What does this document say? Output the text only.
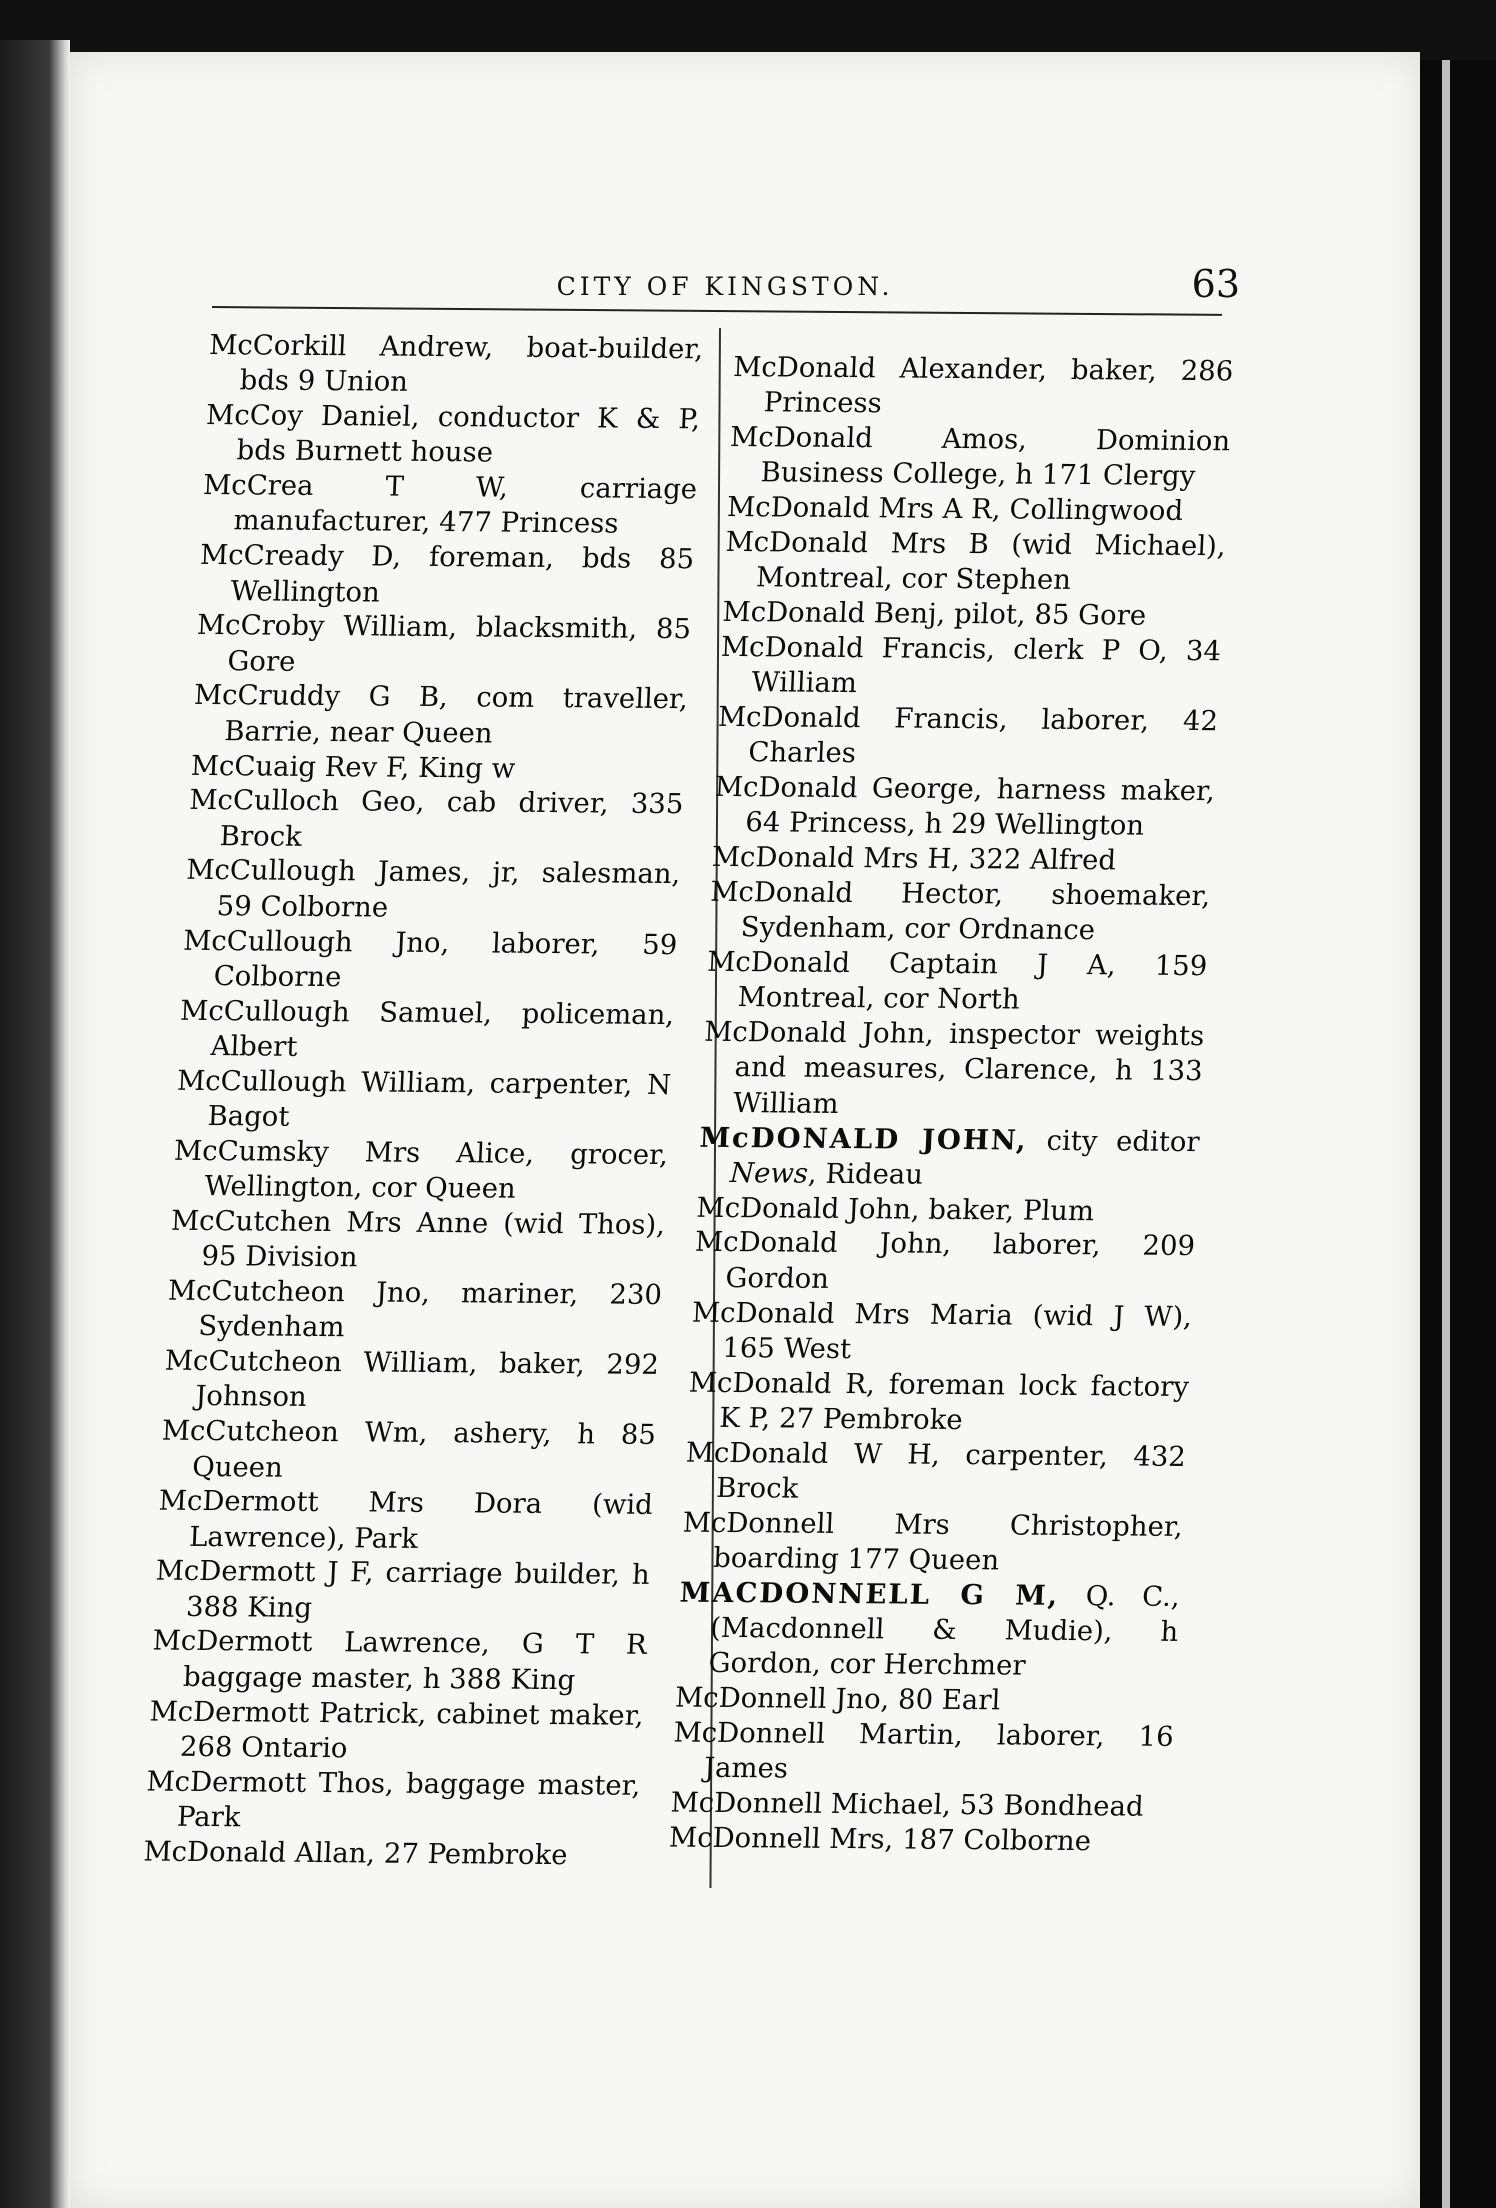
CITY OF KINGSTON.	63

McCorkill Andrew, boat-builder, bds 9 Union

McCoy Daniel, conductor K & P, bds Burnett house

McCrea T W,	carriage manufacturer, 477 Princess

McCready D, foreman, bds 85 Wellington

McCroby William, blacksmith, 85 Gore

McCruddy G B, com traveller, Barrie, near Queen

McCuaig Rev F, King w

McCulloch Geo, cab driver, 335 Brock

McCullough James, jr, salesman, 59 Colborne

McCullough Jno, laborer, 59 Colborne

McCullough Samuel, policeman, Albert

McCullough William, carpenter, N Bagot

McCumsky Mrs Alice, grocer, Wellington, cor Queen

McCutchen Mrs Anne (wid Thos), 95 Division

McCutcheon Jno, mariner, 230 Sydenham

McCutcheon William, baker, 292 Johnson

McCutcheon Wm, ashery, h 85 Queen

McDermott Mrs Dora (wid Lawrence), Park

McDermott J F, carriage builder, h 388 King

McDermott Lawrence, G T R baggage master, h 388 King

McDermott Patrick, cabinet maker, 268 Ontario

McDermott Thos, baggage master, Park

McDonald Allan, 27 Pembroke

McDonald Alexander, baker, 286 Princess

McDonald Amos, Dominion Business College, h 171 Clergy

McDonald Mrs A R, Collingwood

McDonald Mrs B (wid Michael), Montreal, cor Stephen

McDonald Benj, pilot, 85 Gore

McDonald Francis, clerk P O, 34 William

McDonald Francis, laborer, 42 Charles

McDonald George, harness maker, 64 Princess, h 29 Wellington

McDonald Mrs H, 322 Alfred

McDonald Hector, shoemaker, Sydenham, cor Ordnance

McDonald Captain J A, 159 Montreal, cor North

McDonald John, inspector weights and measures, Clarence, h 133 William

McDONALD JOHN, city editor News, Rideau

McDonald John, baker, Plum

McDonald John, laborer, 209 Gordon

McDonald Mrs Maria (wid J W), 165 West

McDonald R, foreman lock factory K P, 27 Pembroke

McDonald W H, carpenter, 432 Brock

McDonnell Mrs Christopher, boarding 177 Queen

MACDONNELL G M, Q. C., (Macdonnell & Mudie), h Gordon, cor Herchmer

McDonnell Jno, 80 Earl

McDonnell Martin, laborer, 16 James

McDonnell Michael, 53 Bondhead

McDonnell Mrs, 187 Colborne
